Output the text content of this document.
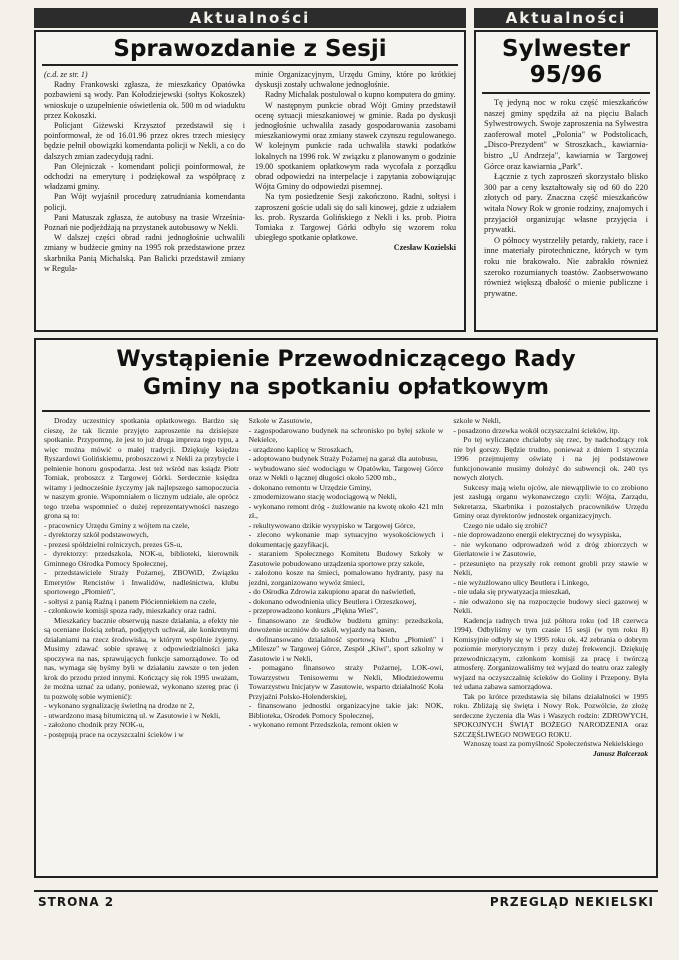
Aktualności	Aktualności
Sprawozdanie z Sesji

(c.d. ze str. 1)

Radny Frankowski zgłasza, że mieszkańcy Opatówka pozbawieni są wody. Pan Kołodziejewski (sołtys Kokoszek) wnioskuje o uzupełnienie oświetlenia ok. 500 m od wiaduktu przez Kokoszki.

Policjant Giżewski Krzysztof przedstawił się i poinformował, że od 16.01.96 przez okres trzech miesięcy będzie pełnił obowiązki komendanta policji w Nekli, a co do dalszych zmian zadecydują radni.

Pan Olejniczak - komendant policji poinformował, że odchodzi na emeryturę i podziękował za współpracę z władzami gminy.

Pan Wójt wyjaśnił procedurę zatrudniania komendanta policji.

Pani Matuszak zgłasza, że autobusy na trasie Września-Poznań nie podjeżdżają na przystanek autobusowy w Nekli.

W dalszej części obrad radni jednogłośnie uchwalili zmiany w budżecie gminy na 1995 rok przedstawione przez skarbnika Panią Michalską. Pan Balicki przedstawił zmiany w Regula-

minie Organizacyjnym, Urzędu Gminy, które po krótkiej dyskusji zostały uchwalone jednogłośnie.

Radny Michalak postulował o kupno komputera do gminy.

W następnym punkcie obrad Wójt Gminy przedstawił ocenę sytuacji mieszkaniowej w gminie. Rada po dyskusji jednogłośnie uchwaliła zasady gospodarowania zasobami mieszkaniowymi oraz zmiany stawek czynszu regulowanego. W kolejnym punkcie rada uchwaliła stawki podatków lokalnych na 1996 rok. W związku z planowanym o godzinie 19.00 spotkaniem opłatkowym rada wycofała z porządku obrad odpowiedzi na interpelacje i zapytania zobowiązując Wójta Gminy do odpowiedzi pisemnej.

Na tym posiedzenie Sesji zakończono. Radni, sołtysi i zaproszeni goście udali się do sali kinowej, gdzie z udziałem ks. prob. Ryszarda Golińskiego z Nekli i ks. prob. Piotra Tomiaka z Targowej Górki odbyło się wzorem roku ubiegłego spotkanie opłatkowe.

Czesław Kozielski

Sylwester
95/96

Tę jedyną noc w roku część mieszkańców naszej gminy spędziła aż na pięciu Balach Sylwestrowych. Swoje zaproszenia na Sylwestra zaoferował motel „Polonia" w Podstolicach, „Disco-Prezydent" w Stroszkach., kawiarnia-bistro „U Andrzeja", kawiarnia w Targowej Górce oraz kawiarnia „Park".

Łącznie z tych zaproszeń skorzystało blisko 300 par a ceny kształtowały się od 60 do 220 złotych od pary. Znaczna część mieszkańców witała Nowy Rok w gronie rodziny, znajomych i przyjaciół organizując własne przyjęcia i prywatki.

O północy wystrzeliły petardy, rakiety, race i inne materiały pirotechniczne, których w tym roku nie brakowało. Nie zabrakło również szeroko rozumianych toastów. Zaobserwowano również większą dbałość o mienie publiczne i prywatne.

Wystąpienie Przewodniczącego Rady
Gminy na spotkaniu opłatkowym

Drodzy uczestnicy spotkania opłatkowego. Bardzo się cieszę, że tak licznie przyjęto zaproszenie na dzisiejsze spotkanie. Przypomnę, że jest to już druga impreza tego typu, a więc można mówić o małej tradycji. Dziękuję księdzu Ryszardowi Golińskiemu, proboszczowi z Nekli za przybycie i pełnienie honoru gospodarza. Jest też wśród nas ksiądz Piotr Tomiak, proboszcz z Targowej Górki. Serdecznie księdza witamy i jednocześnie życzymy jak najlepszego samopoczucia w naszym gronie. Wspomniałem o licznym udziale, ale oprócz tego trzeba wspomnieć o dużej reprezentatywności naszego grona są to:

- pracownicy Urzędu Gminy z wójtem na czele,

- dyrektorzy szkół podstawowych,

- prezesi spółdzielni rolniczych, prezes GS-u,

- dyrektorzy: przedszkola, NOK-u, biblioteki, kierownik Gminnego Ośrodka Pomocy Społecznej,

- przedstawiciele Straży Pożarnej, ZBOWiD, Związku Emerytów Rencistów i Inwalidów, nadleśnictwa, klubu sportowego „Płomień",

- sołtysi z panią Raźną i panem Płócienniekiem na czele,

- członkowie komisji spoza rady, mieszkańcy oraz radni.

Mieszkańcy bacznie obserwują nasze działania, a efekty nie są oceniane ilością zebrań, podjętych uchwał, ale konkretnymi działaniami na rzecz środowiska, w którym wspólnie żyjemy. Musimy zdawać sobie sprawę z odpowiedzialności jaka spoczywa na nas, sprawujących funkcje samorządowe. To od nas, wymaga się byśmy byli w działaniu zawsze o ten jeden krok do przodu przed innymi. Kończący się rok 1995 uważam, że można uznać za udany, ponieważ, wykonano szereg prac (i tu pozwolę sobie wymienić):

- wykonano sygnalizację świetlną na drodze nr 2,

- utwardzono masą bitumiczną ul. w Zasutowie i w Nekli,

- założono chodnik przy NOK-u,

- postępują prace na oczyszczalni ścieków i w

Szkole w Zasutowie,

- zagospodarowano budynek na schronisko po byłej szkole w Nekielce,

- urządzono kaplicę w Stroszkach,

- adoptowano budynek Straży Pożarnej na garaż dla autobusu,

- wybudowano sieć wodociągu w Opatówku, Targowej Górce oraz w Nekli o łącznej długości około 5200 mb.,

- dokonano remontu w Urzędzie Gminy,

- zmodernizowano stację wodociągową w Nekli,

- wykonano remont dróg - żużlowanie na kwotę około 421 mln zł.,

- rekultywowano dzikie wysypisko w Targowej Górce,

- zlecono wykonanie map sytuacyjno wysokościowych i dokumentację gazyfikacji,

- staraniem Społecznego Komitetu Budowy Szkoły w Zasutowie pobudowano urządzenia sportowe przy szkole,

- założono kosze na śmieci, pomalowano hydranty, pasy na jezdni, zorganizowano wywóz śmieci,

- do Ośrodka Zdrowia zakupiono aparat do naświetleń,

- dokonano odwodnienia ulicy Beutlera i Orzeszkowej,

- przeprowadzono konkurs „Piękna Wieś",

- finansowano ze środków budżetu gminy: przedszkola, dowożenie uczniów do szkół, wyjazdy na basen,

- dofinansowano działalność sportową Klubu „Płomień" i „Milesze" w Targowej Górce, Zespół „Kiwi", sport szkolny w Zasutowie i w Nekli,

- pomagano finansowo straży Pożarnej, LOK-owi, Towarzystwu Tenisowemu w Nekli, Młodzieżowemu Towarzystwu Inicjatyw w Zasutowie, wsparto działalność Koła Przyjaźni Polsko-Holenderskiej,

- finansowano jednostki organizacyjne takie jak: NOK, Biblioteka, Ośrodek Pomocy Społecznej,

- wykonano remont Przedszkola, remont okien w

szkole w Nekli,

- posadzono drzewka wokół oczyszczalni ścieków, itp.

Po tej wyliczance chciałoby się rzec, by nadchodzący rok nie był gorszy. Będzie trudno, ponieważ z dniem 1 stycznia 1996 przejmujemy oświatę i na jej podstawowe funkcjonowanie musimy dołożyć do subwencji ok. 240 tys nowych złotych.

Sukcesy mają wielu ojców, ale niewątpliwie to co zrobiono jest zasługą organu wykonawczego czyli: Wójta, Zarządu, Sekretarza, Skarbnika i pozostałych pracowników Urzędu Gminy oraz dyrektorów jednostek organizacyjnych.

Czego nie udało się zrobić?

- nie doprowadzono energii elektrycznej do wysypiska,

- nie wykonano odprowadzeń wód z dróg zbiorczych w Gierłatowie i w Zasutowie,

- przesunięto na przyszły rok remont grobli przy stawie w Nekli,

- nie wyżużlowano ulicy Beutlera i Linkego,

- nie udała się prywatyzacja mieszkań,

- nie odważono się na rozpoczęcie budowy sieci gazowej w Nekli.

Kadencja radnych trwa już półtora roku (od 18 czerwca 1994). Odbyliśmy w tym czasie 15 sesji (w tym roku 8) Komisyjnie odbyły się w 1995 roku ok. 42 zebrania o dobrym poziomie merytorycznym i przy dużej frekwencji. Dziękuję przewodniczącym, członkom komisji za pracę i twórczą atmosferę. Zorganizowaliśmy też wyjazd do teatru oraz zaległy wyjazd na oczyszczalnię ścieków do Goliny i Przepony. Była też udana zabawa samorządowa.

Tak po krótce przedstawia się bilans działalności w 1995 roku. Zbliżają się święta i Nowy Rok. Pozwólcie, że złożę serdeczne życzenia dla Was i Waszych rodzin: ZDROWYCH, SPOKOJNYCH ŚWIĄT BOŻEGO NARODZENIA oraz SZCZĘŚLIWEGO NOWEGO ROKU.

Wznoszę toast za pomyślność Społeczeństwa Nekielskiego

Janusz Balcerzak

STRONA 2	PRZEGLĄD NEKIELSKI
